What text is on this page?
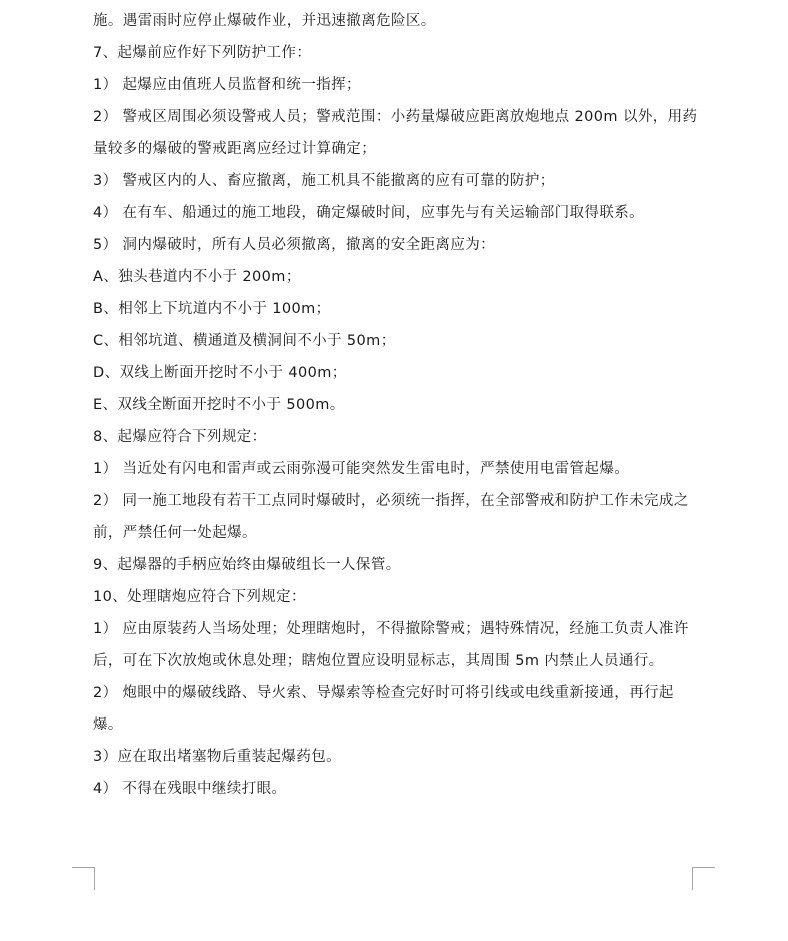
施。遇雷雨时应停止爆破作业，并迅速撤离危险区。

7、起爆前应作好下列防护工作：

1） 起爆应由值班人员监督和统一指挥；

2） 警戒区周围必须设警戒人员；警戒范围：小药量爆破应距离放炮地点 200m 以外，用药量较多的爆破的警戒距离应经过计算确定；

3） 警戒区内的人、畜应撤离，施工机具不能撤离的应有可靠的防护；

4） 在有车、船通过的施工地段，确定爆破时间，应事先与有关运输部门取得联系。

5） 洞内爆破时，所有人员必须撤离，撤离的安全距离应为：

A、独头巷道内不小于 200m；

B、相邻上下坑道内不小于 100m；

C、相邻坑道、横通道及横洞间不小于 50m；

D、双线上断面开挖时不小于 400m；

E、双线全断面开挖时不小于 500m。

8、起爆应符合下列规定：

1） 当近处有闪电和雷声或云雨弥漫可能突然发生雷电时，严禁使用电雷管起爆。

2） 同一施工地段有若干工点同时爆破时，必须统一指挥，在全部警戒和防护工作未完成之前，严禁任何一处起爆。

9、起爆器的手柄应始终由爆破组长一人保管。

10、处理瞎炮应符合下列规定：

1） 应由原装药人当场处理；处理瞎炮时，不得撤除警戒；遇特殊情况，经施工负责人准许后，可在下次放炮或休息处理；瞎炮位置应设明显标志，其周围 5m 内禁止人员通行。

2） 炮眼中的爆破线路、导火索、导爆索等检查完好时可将引线或电线重新接通，再行起爆。

3）应在取出堵塞物后重装起爆药包。

4） 不得在残眼中继续打眼。
